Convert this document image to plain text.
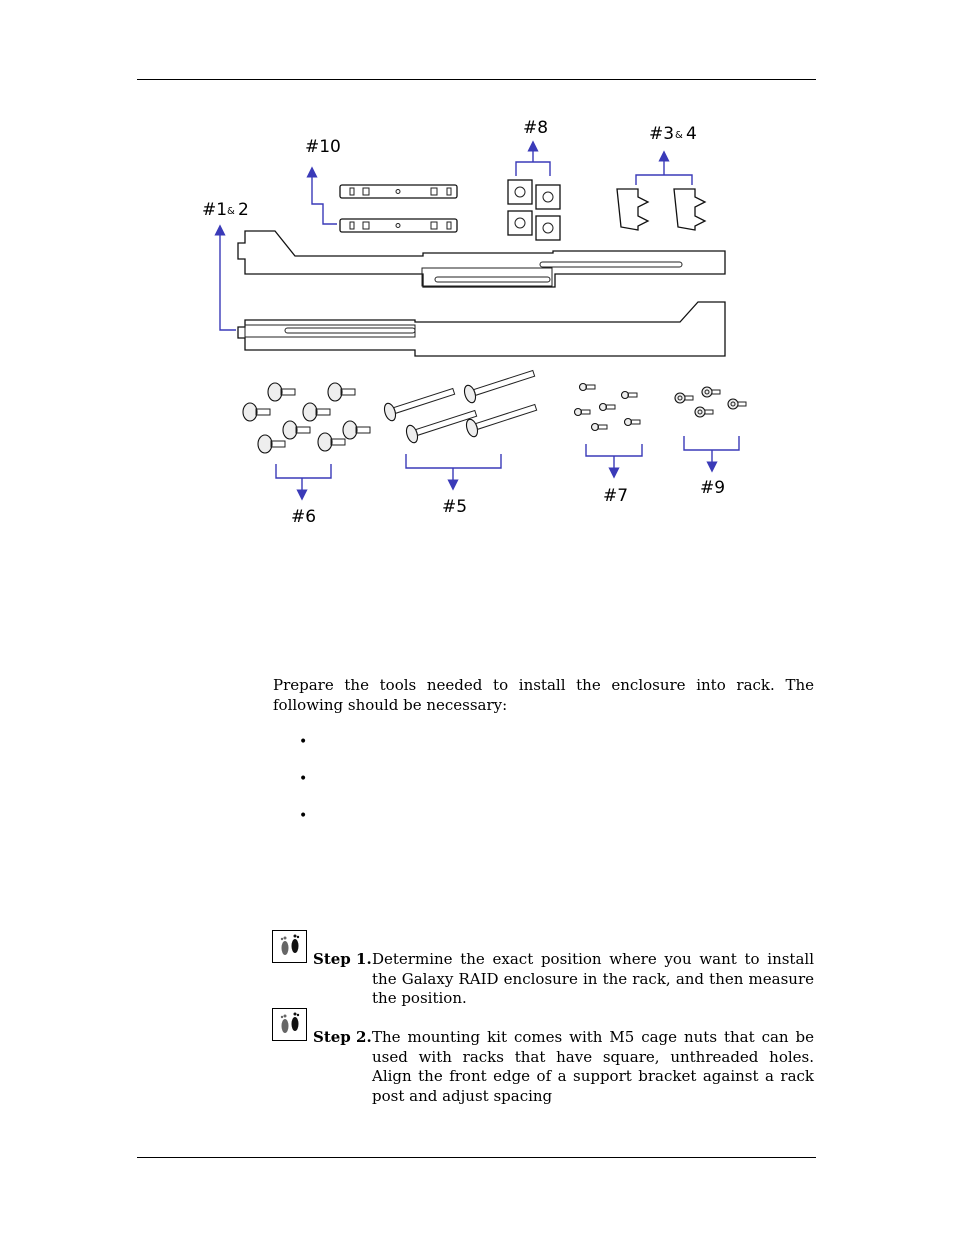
#10
#8	#3 & 4
#1 & 2
#6	#5
#7	#9

Prepare the tools needed to install the enclosure into rack. The following should be necessary:

•
•
•
Step 1. Determine the exact position where you want to install the Galaxy RAID enclosure in the rack, and then measure the position.

Step 2. The mounting kit comes with M5 cage nuts that can be used with racks that have square, unthreaded holes. Align the front edge of a support bracket against a rack post and adjust spacing
